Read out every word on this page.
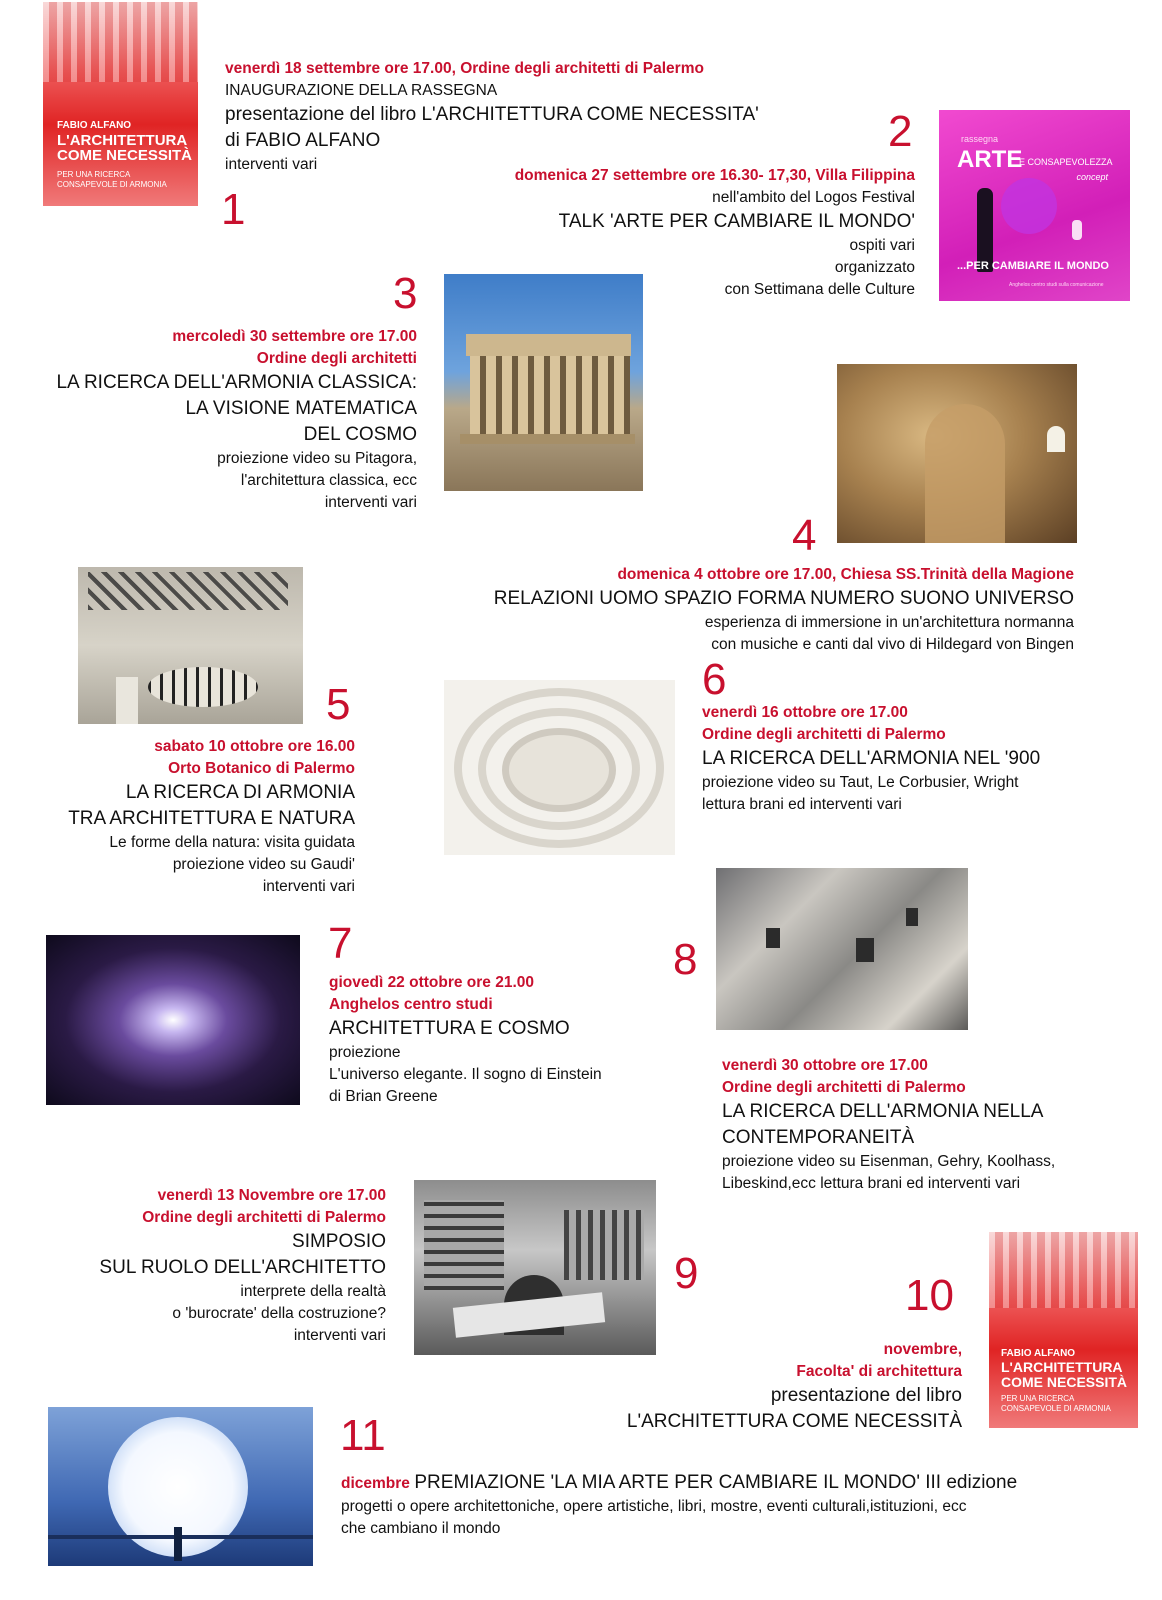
FABIO ALFANO
L'ARCHITETTURA
COME NECESSITÀ
PER UNA RICERCA
CONSAPEVOLE DI ARMONIA
rassegna
ARTE
E CONSAPEVOLEZZA
concept
...PER CAMBIARE IL MONDO
Anghelos centro studi sulla comunicazione
FABIO ALFANO
L'ARCHITETTURA
COME NECESSITÀ
PER UNA RICERCA
CONSAPEVOLE DI ARMONIA
1
2
3
4
5
6
7	8
9	10
11
venerdì 18 settembre ore 17.00, Ordine degli architetti di Palermo
INAUGURAZIONE DELLA RASSEGNA
presentazione del libro L'ARCHITETTURA COME NECESSITA'
di FABIO ALFANO
interventi vari
domenica 27 settembre ore 16.30- 17,30, Villa Filippina
nell'ambito del Logos Festival
TALK 'ARTE PER CAMBIARE IL MONDO'
ospiti vari
organizzato
con Settimana delle Culture
mercoledì 30 settembre ore 17.00
Ordine degli architetti
LA RICERCA DELL'ARMONIA CLASSICA:
LA VISIONE MATEMATICA
DEL COSMO
proiezione video su Pitagora,
l'architettura classica, ecc
interventi vari
domenica 4 ottobre ore 17.00, Chiesa SS.Trinità della Magione
RELAZIONI UOMO SPAZIO FORMA NUMERO SUONO UNIVERSO
esperienza di immersione in un'architettura normanna
con musiche e canti dal vivo di Hildegard von Bingen
sabato 10 ottobre ore 16.00
Orto Botanico di Palermo
LA RICERCA DI ARMONIA
TRA ARCHITETTURA E NATURA
Le forme della natura: visita guidata
proiezione video su Gaudi'
interventi vari
venerdì 16 ottobre ore 17.00
Ordine degli architetti di Palermo
LA RICERCA DELL'ARMONIA NEL '900
proiezione video su Taut, Le Corbusier, Wright
lettura brani ed interventi vari
giovedì 22 ottobre ore 21.00
Anghelos centro studi
ARCHITETTURA E COSMO
proiezione
L'universo elegante. Il sogno di Einstein
di Brian Greene
venerdì 30 ottobre ore 17.00
Ordine degli architetti di Palermo
LA RICERCA DELL'ARMONIA NELLA
CONTEMPORANEITÀ
proiezione video su Eisenman, Gehry, Koolhass,
Libeskind,ecc lettura brani ed interventi vari
venerdì 13 Novembre ore 17.00
Ordine degli architetti di Palermo
SIMPOSIO
SUL RUOLO DELL'ARCHITETTO
interprete della realtà
o 'burocrate' della costruzione?
interventi vari
novembre,
Facolta' di architettura
presentazione del libro
L'ARCHITETTURA COME NECESSITÀ
dicembre PREMIAZIONE 'LA MIA ARTE PER CAMBIARE IL MONDO' III edizione
progetti o opere architettoniche, opere artistiche, libri, mostre, eventi culturali,istituzioni, ecc
che cambiano il mondo
